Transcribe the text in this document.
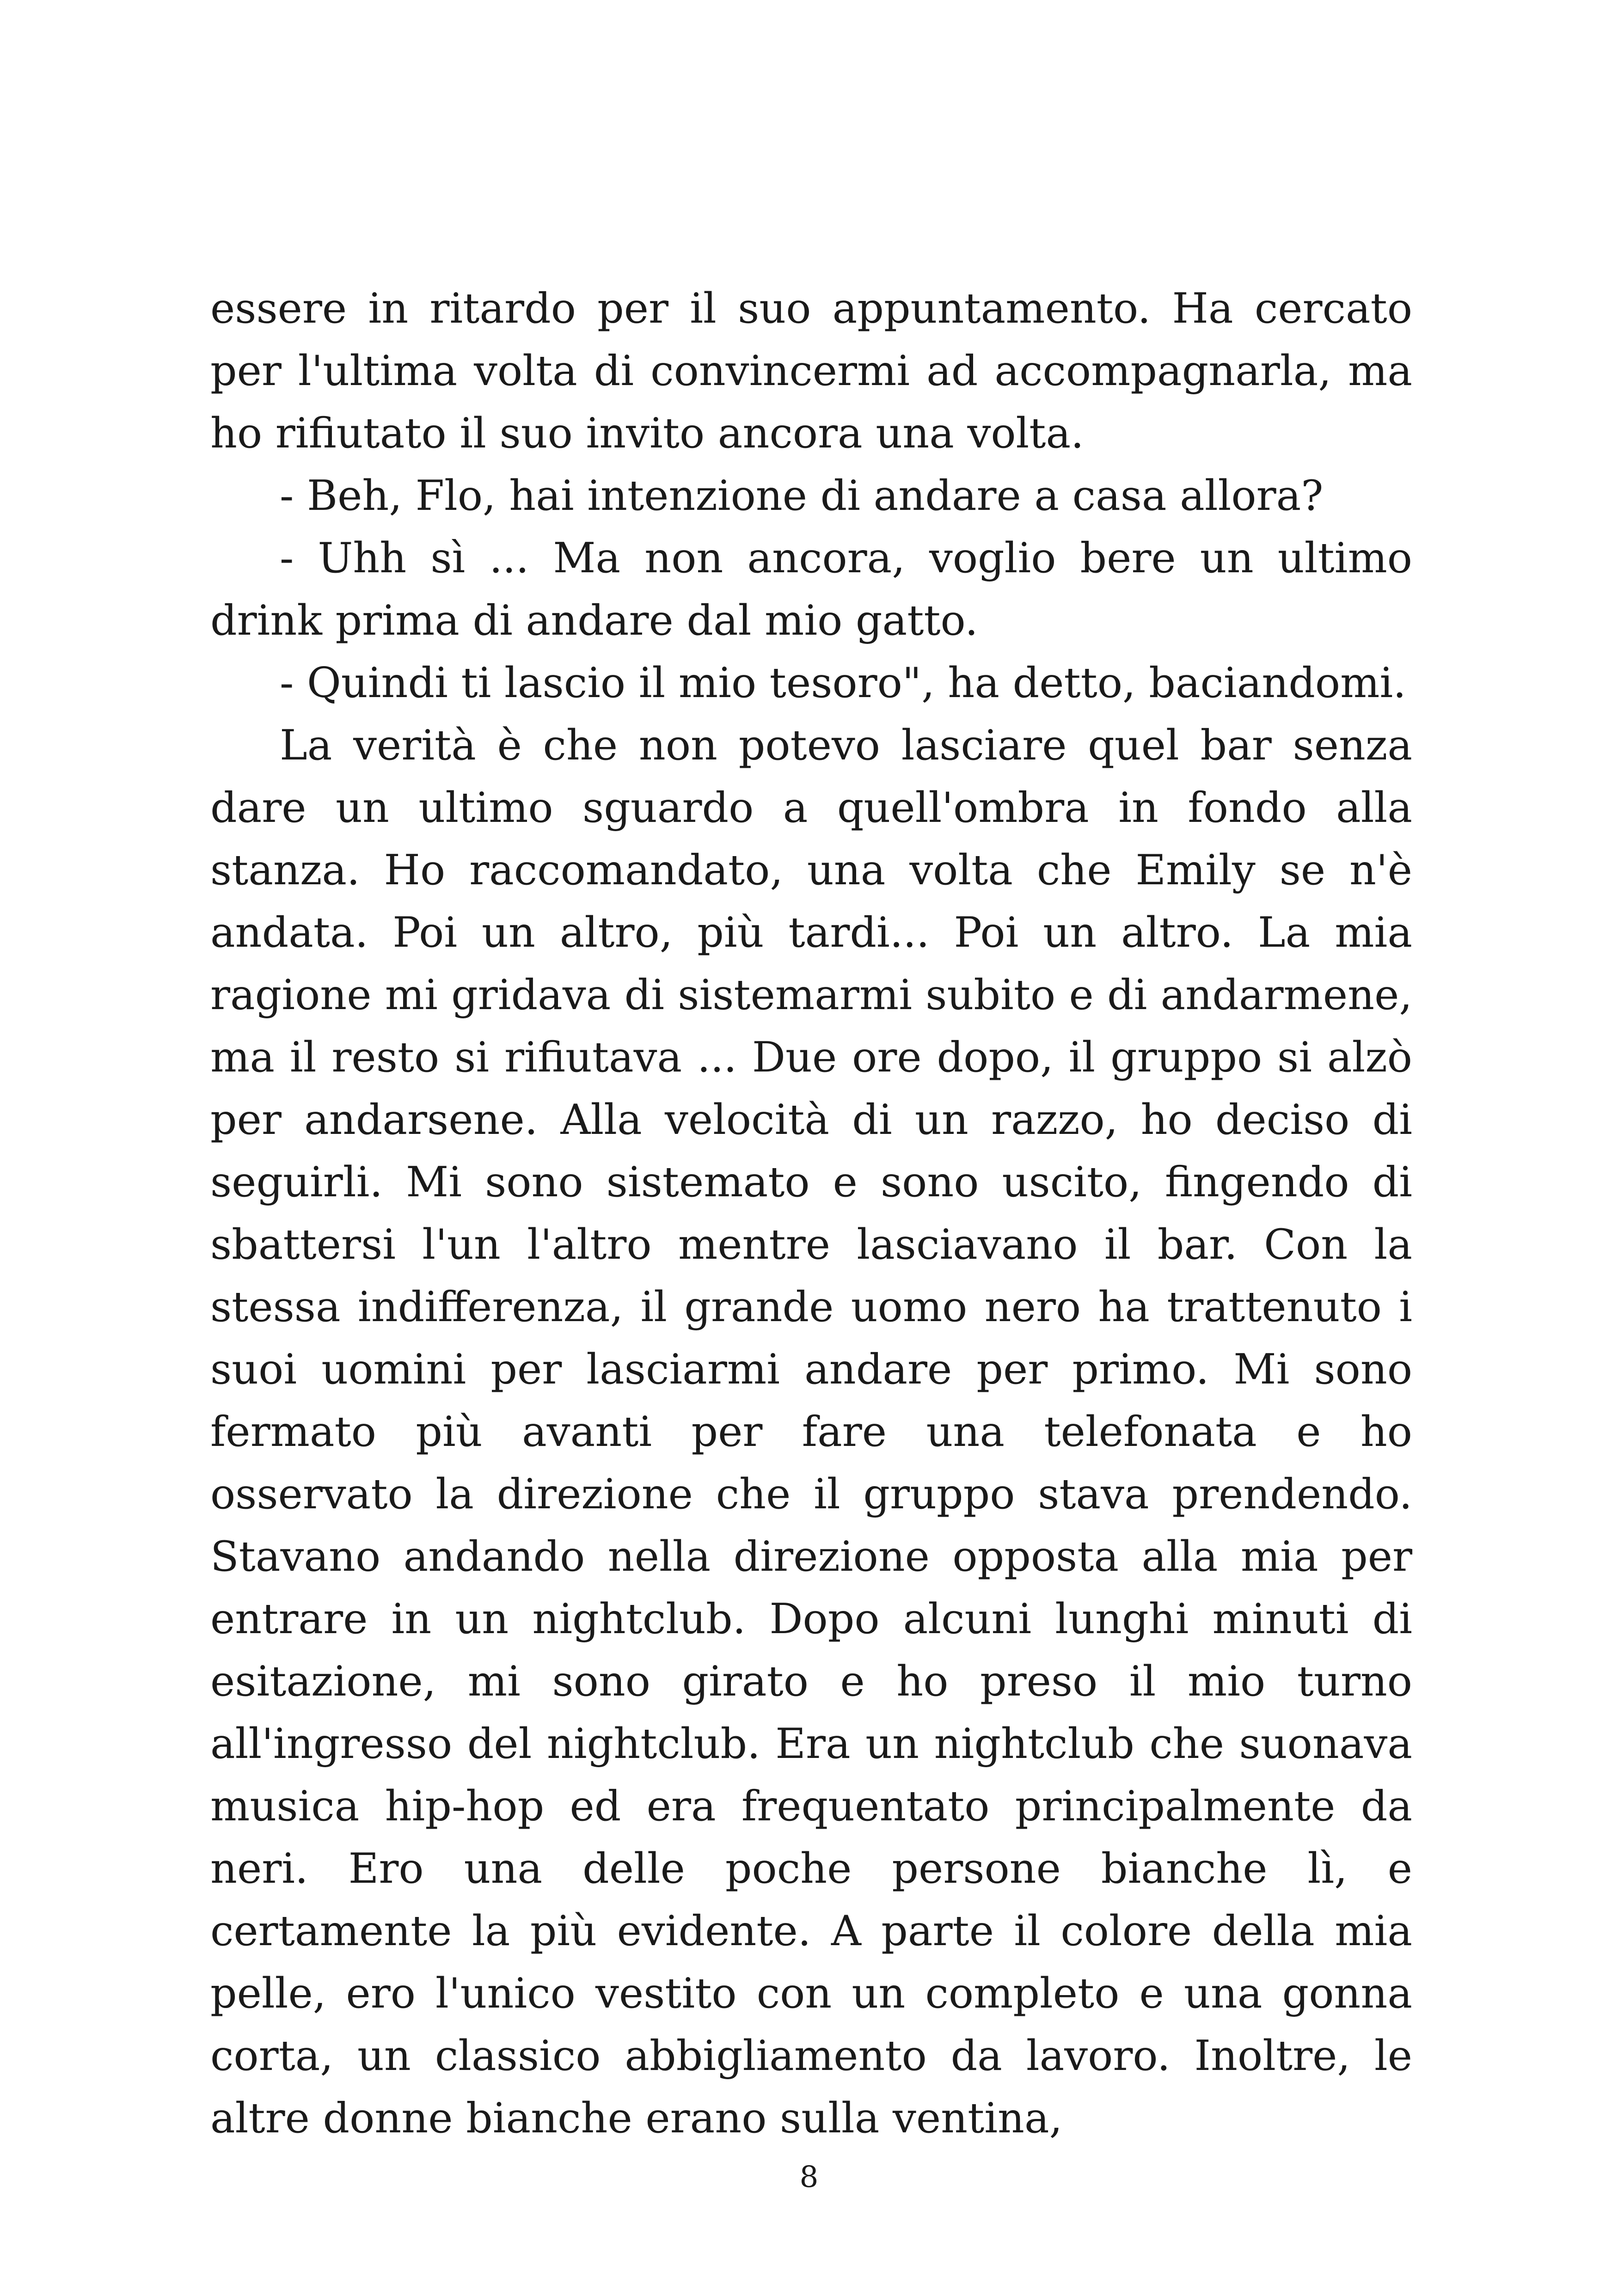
essere in ritardo per il suo appuntamento. Ha cercato per l'ultima volta di convincermi ad accompagnarla, ma ho rifiutato il suo invito ancora una volta.

- Beh, Flo, hai intenzione di andare a casa allora?

- Uhh sì ... Ma non ancora, voglio bere un ultimo drink prima di andare dal mio gatto.

- Quindi ti lascio il mio tesoro", ha detto, baciandomi.

La verità è che non potevo lasciare quel bar senza dare un ultimo sguardo a quell'ombra in fondo alla stanza. Ho raccomandato, una volta che Emily se n'è andata. Poi un altro, più tardi... Poi un altro. La mia ragione mi gridava di sistemarmi subito e di andarmene, ma il resto si rifiutava ... Due ore dopo, il gruppo si alzò per andarsene. Alla velocità di un razzo, ho deciso di seguirli. Mi sono sistemato e sono uscito, fingendo di sbattersi l'un l'altro mentre lasciavano il bar. Con la stessa indifferenza, il grande uomo nero ha trattenuto i suoi uomini per lasciarmi andare per primo. Mi sono fermato più avanti per fare una telefonata e ho osservato la direzione che il gruppo stava prendendo. Stavano andando nella direzione opposta alla mia per entrare in un nightclub. Dopo alcuni lunghi minuti di esitazione, mi sono girato e ho preso il mio turno all'ingresso del nightclub. Era un nightclub che suonava musica hip-hop ed era frequentato principalmente da neri. Ero una delle poche persone bianche lì, e certamente la più evidente. A parte il colore della mia pelle, ero l'unico vestito con un completo e una gonna corta, un classico abbigliamento da lavoro. Inoltre, le altre donne bianche erano sulla ventina,

8
